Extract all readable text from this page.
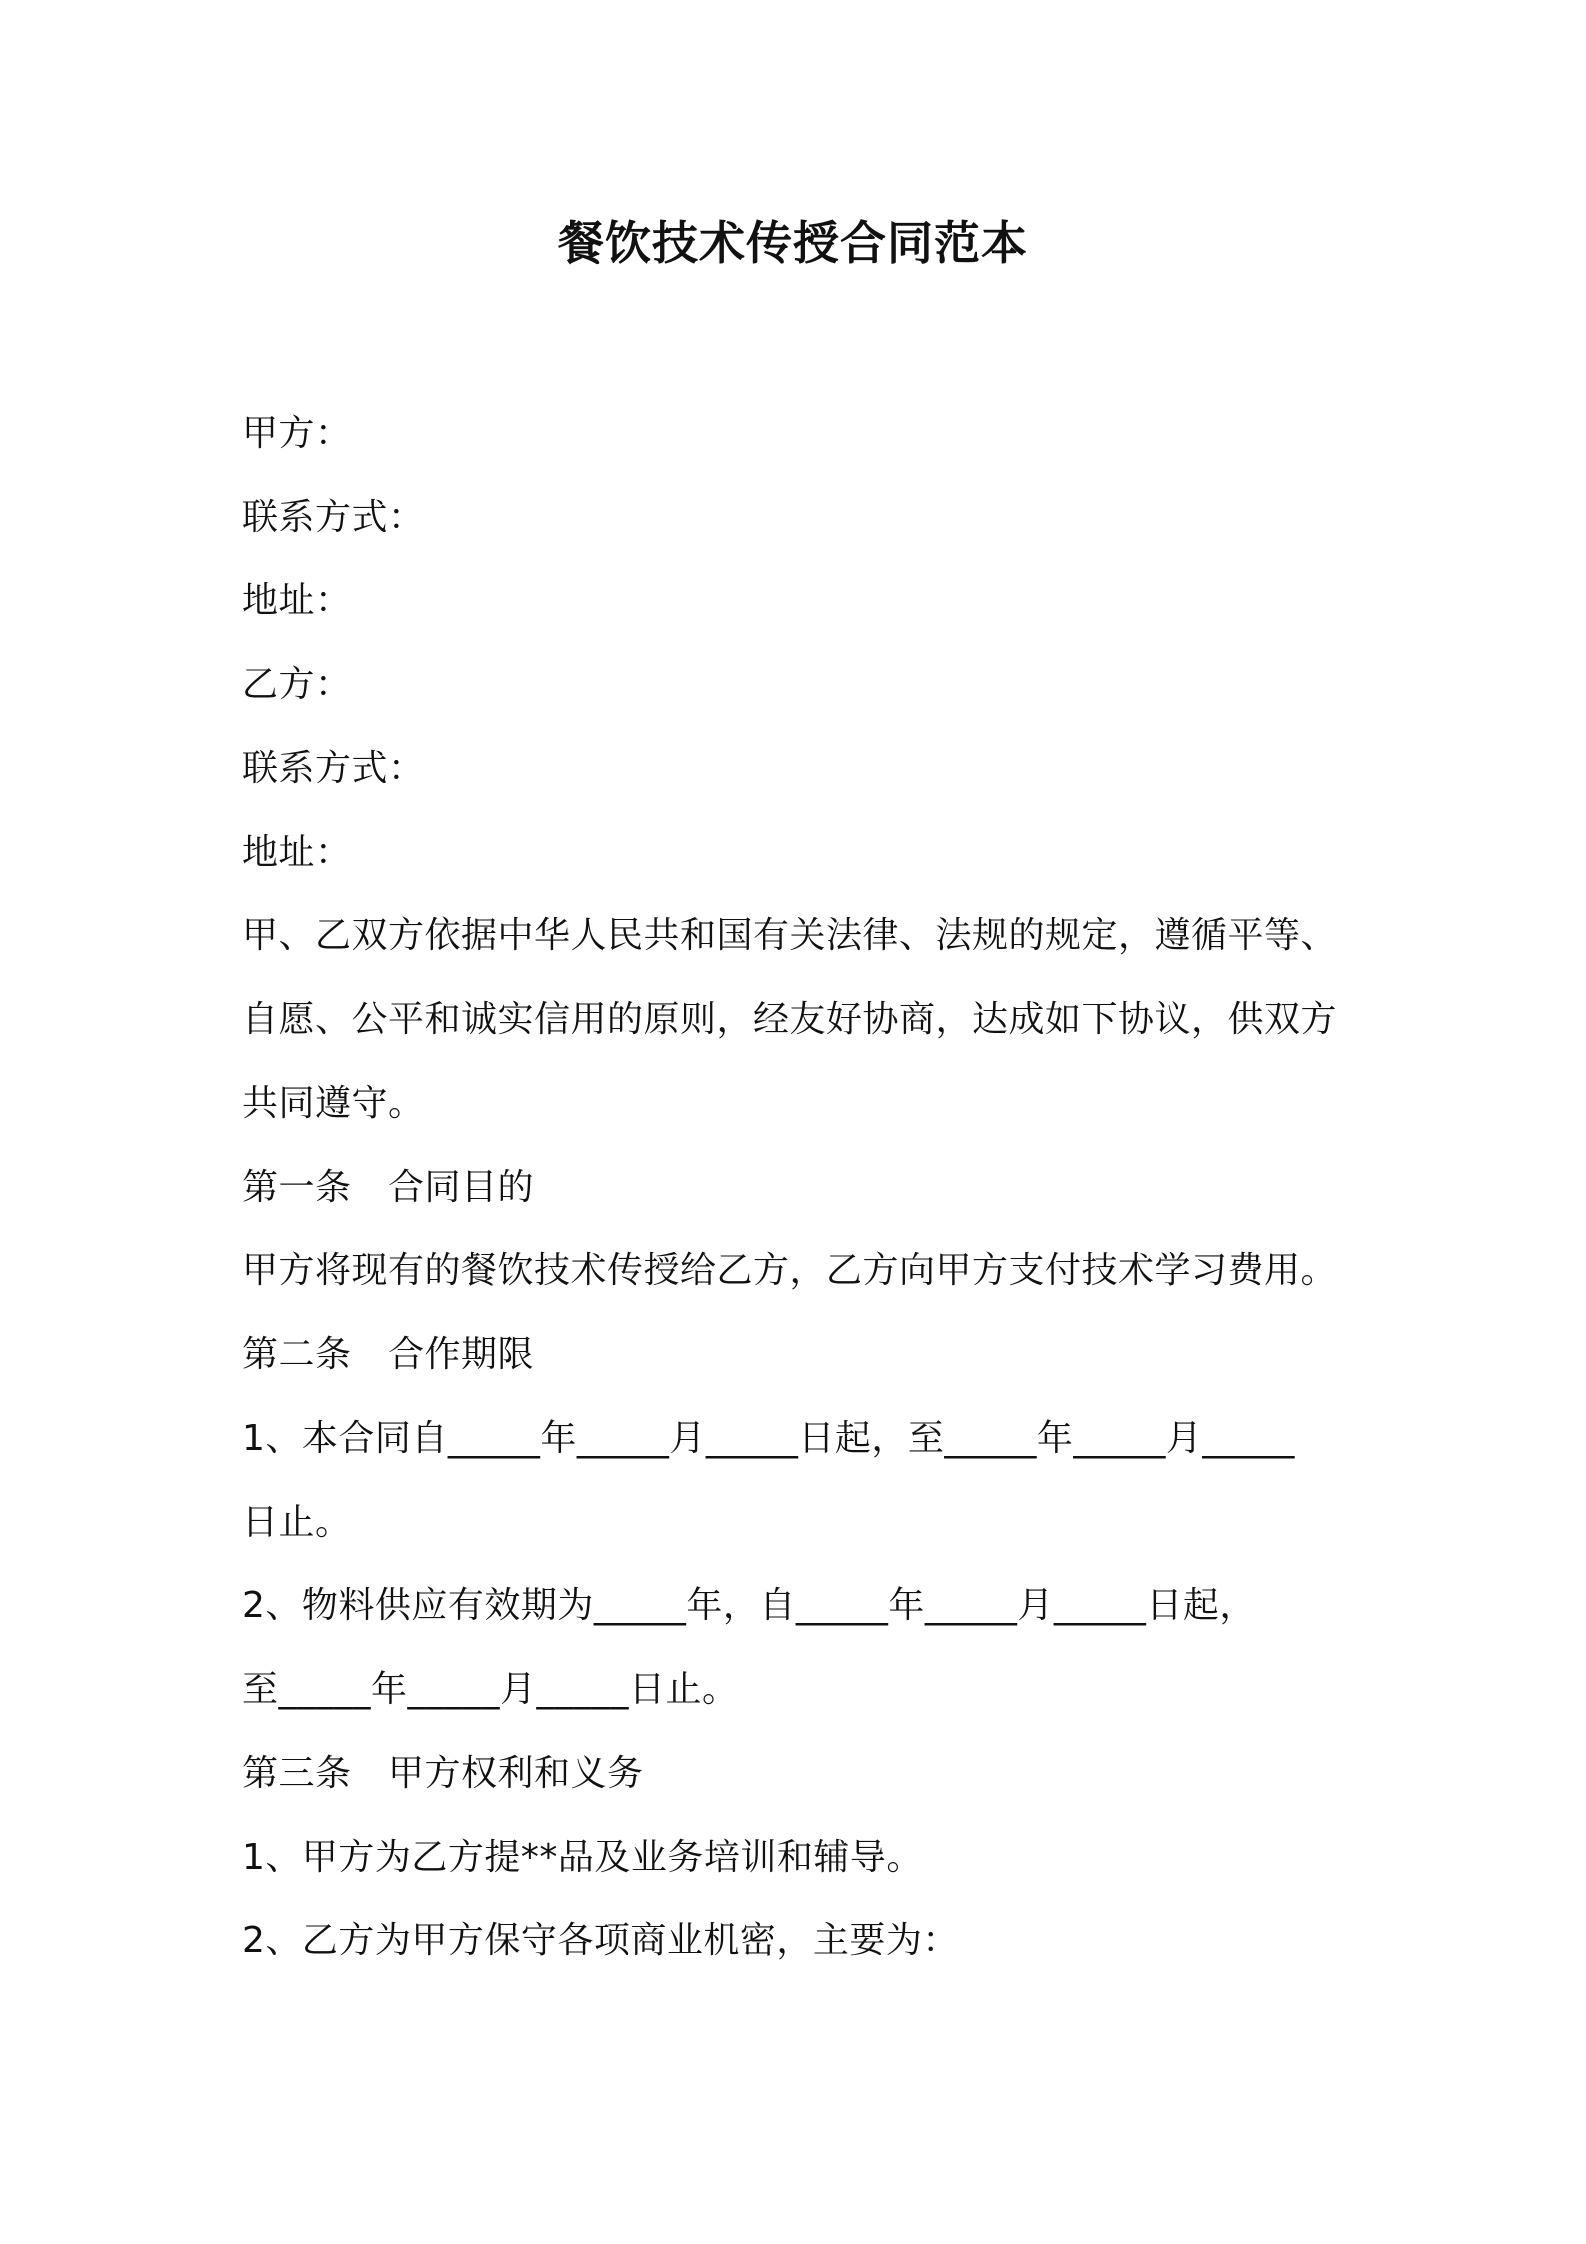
餐饮技术传授合同范本
甲方：
联系方式：
地址：
乙方：
联系方式：
地址：
甲、乙双方依据中华人民共和国有关法律、法规的规定，遵循平等、
自愿、公平和诚实信用的原则，经友好协商，达成如下协议，供双方
共同遵守。
第一条　合同目的
甲方将现有的餐饮技术传授给乙方，乙方向甲方支付技术学习费用。
第二条　合作期限
1、本合同自_____年_____月_____日起，至_____年_____月_____
日止。
2、物料供应有效期为_____年，自_____年_____月_____日起，
至_____年_____月_____日止。
第三条　甲方权利和义务
1、甲方为乙方提**品及业务培训和辅导。
2、乙方为甲方保守各项商业机密，主要为：
